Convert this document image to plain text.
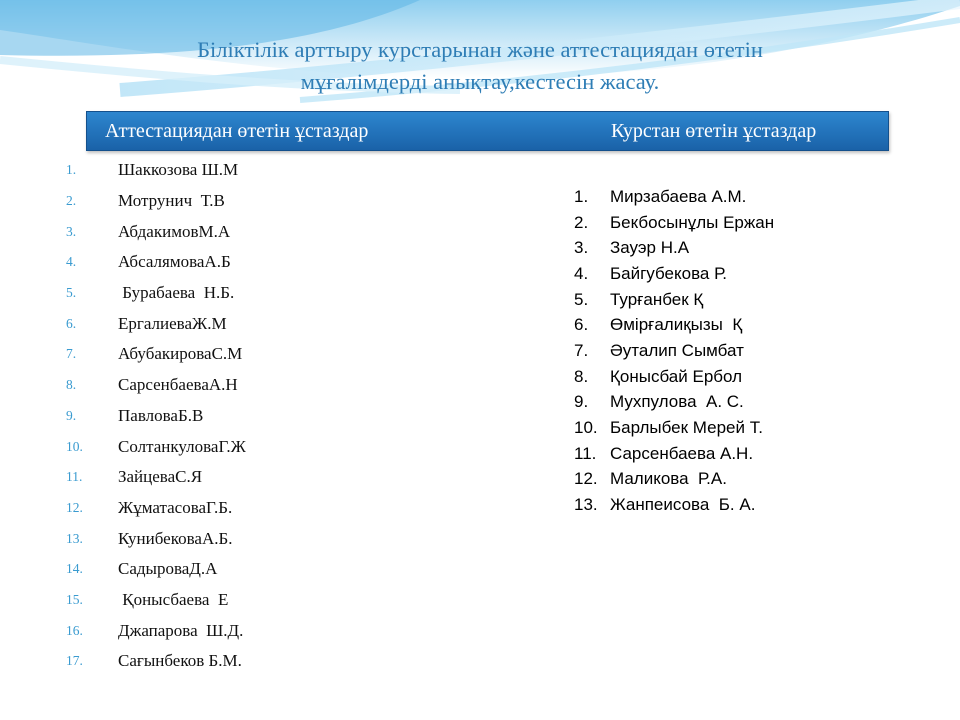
Біліктілік арттыру курстарынан және аттестациядан өтетін
мұғалімдерді анықтау,кестесін жасау.
Аттестациядан өтетін ұстаздар	Курстан өтетін ұстаздар
1.	Шаккозова Ш.М
2.	Мотрунич  Т.В
3.	АбдакимовМ.А
4.	АбсалямоваА.Б
5.	Бурабаева  Н.Б.
6.	ЕргалиеваЖ.М
7.	АбубакироваС.М
8.	СарсенбаеваА.Н
9.	ПавловаБ.В
10.	СолтанкуловаГ.Ж
11.	ЗайцеваС.Я
12.	ЖұматасоваГ.Б.
13.	КунибековаА.Б.
14.	СадыроваД.А
15.	Қонысбаева  Е
16.	Джапарова  Ш.Д.
17.	Сағынбеков Б.М.
1.	Мирзабаева А.М.
2.	Бекбосынұлы Ержан
3.	Зауэр Н.А
4.	Байгубекова Р.
5.	Турғанбек Қ
6.	Өмірғалиқызы  Қ
7.	Әуталип Сымбат
8.	Қонысбай Ербол
9.	Мухпулова  А. С.
10. Барлыбек Мерей Т.
11. Сарсенбаева А.Н.
12. Маликова  Р.А.
13. Жанпеисова  Б. А.
